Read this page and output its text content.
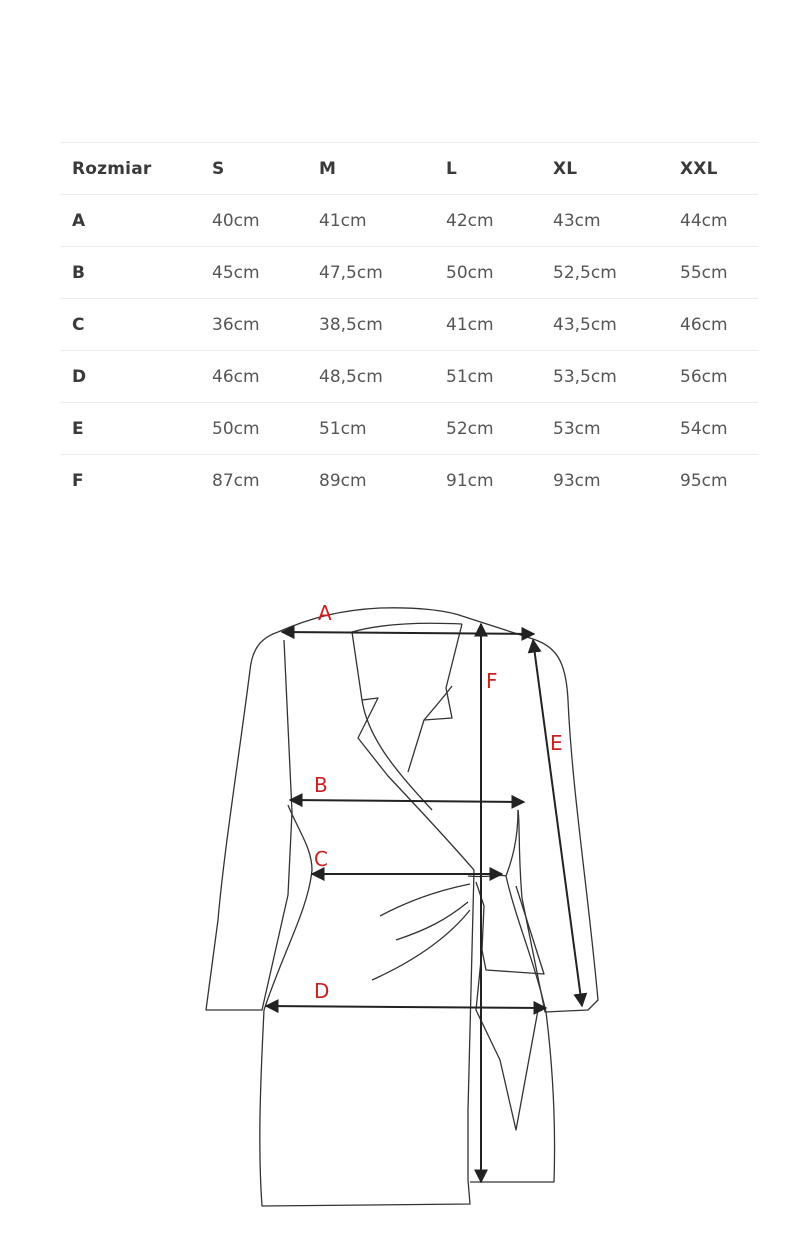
Rozmiar	S	M	L	XL	XXL
A	40cm	41cm	42cm	43cm	44cm
B	45cm	47,5cm	50cm	52,5cm	55cm
C	36cm	38,5cm	41cm	43,5cm	46cm
D	46cm	48,5cm	51cm	53,5cm	56cm
E	50cm	51cm	52cm	53cm	54cm
F	87cm	89cm	91cm	93cm	95cm
A
B
C
D
E
F
